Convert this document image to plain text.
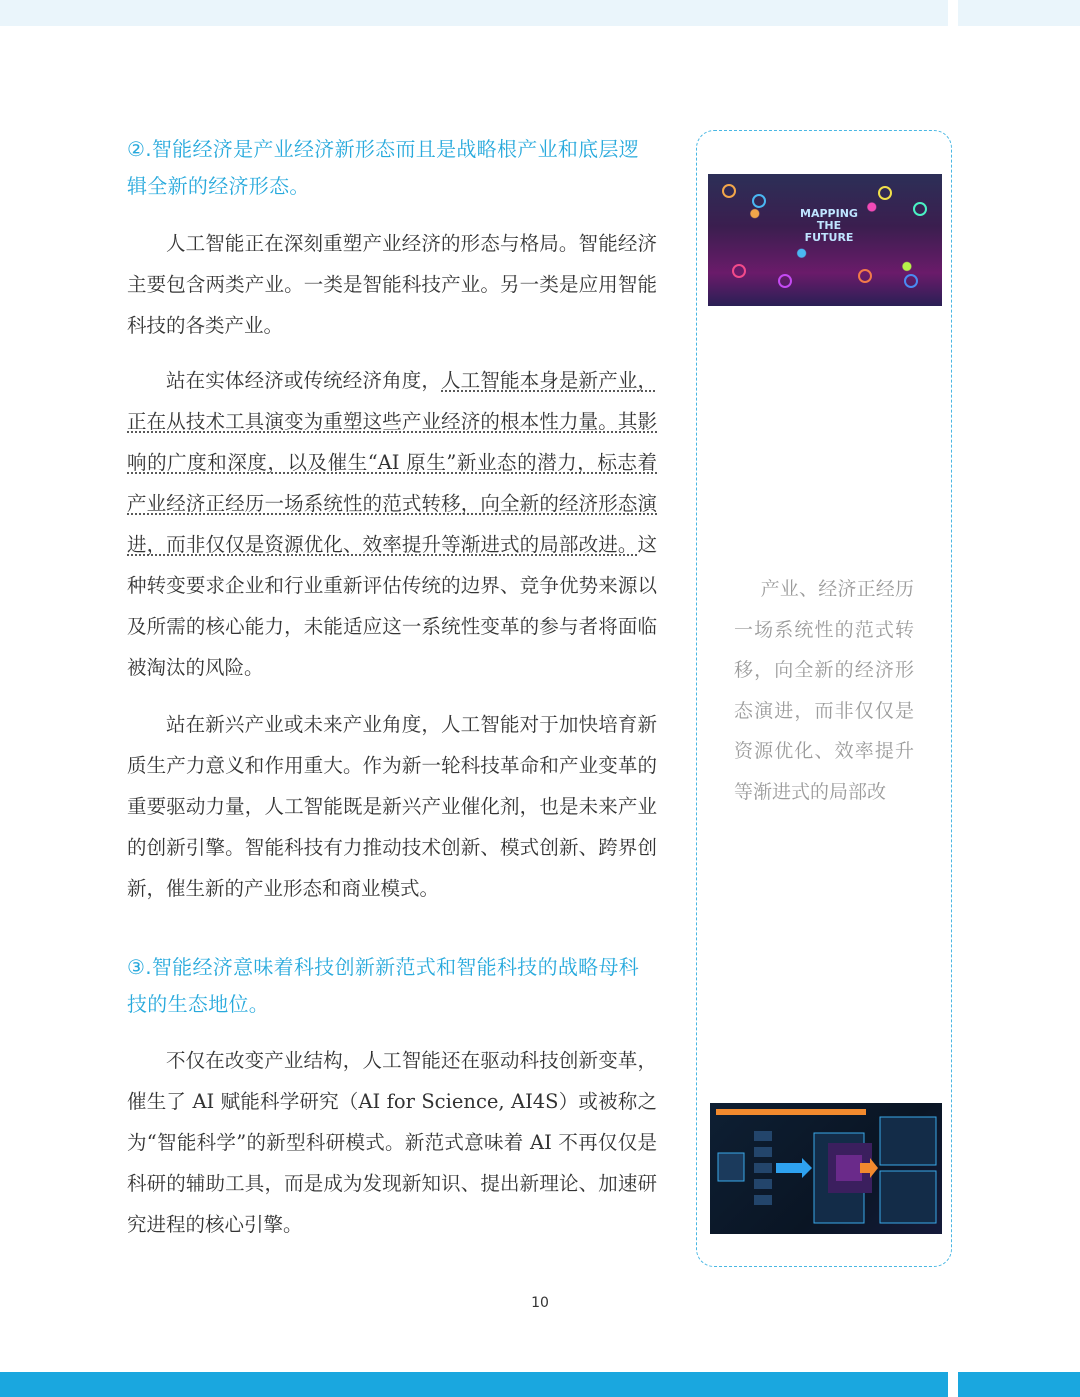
②.智能经济是产业经济新形态而且是战略根产业和底层逻辑全新的经济形态。

人工智能正在深刻重塑产业经济的形态与格局。智能经济主要包含两类产业。一类是智能科技产业。另一类是应用智能科技的各类产业。

站在实体经济或传统经济角度，人工智能本身是新产业，正在从技术工具演变为重塑这些产业经济的根本性力量。其影响的广度和深度，以及催生“AI 原生”新业态的潜力，标志着产业经济正经历一场系统性的范式转移，向全新的经济形态演进，而非仅仅是资源优化、效率提升等渐进式的局部改进。这种转变要求企业和行业重新评估传统的边界、竞争优势来源以及所需的核心能力，未能适应这一系统性变革的参与者将面临被淘汰的风险。

站在新兴产业或未来产业角度，人工智能对于加快培育新质生产力意义和作用重大。作为新一轮科技革命和产业变革的重要驱动力量，人工智能既是新兴产业催化剂，也是未来产业的创新引擎。智能科技有力推动技术创新、模式创新、跨界创新，催生新的产业形态和商业模式。

③.智能经济意味着科技创新新范式和智能科技的战略母科技的生态地位。

不仅在改变产业结构，人工智能还在驱动科技创新变革，催生了 AI 赋能科学研究（AI for Science, AI4S）或被称之为“智能科学”的新型科研模式。新范式意味着 AI 不再仅仅是科研的辅助工具，而是成为发现新知识、提出新理论、加速研究进程的核心引擎。

MAPPING THE FUTURE
产业、经济正经历一场系统性的范式转移，向全新的经济形态演进，而非仅仅是资源优化、效率提升等渐进式的局部改
10
